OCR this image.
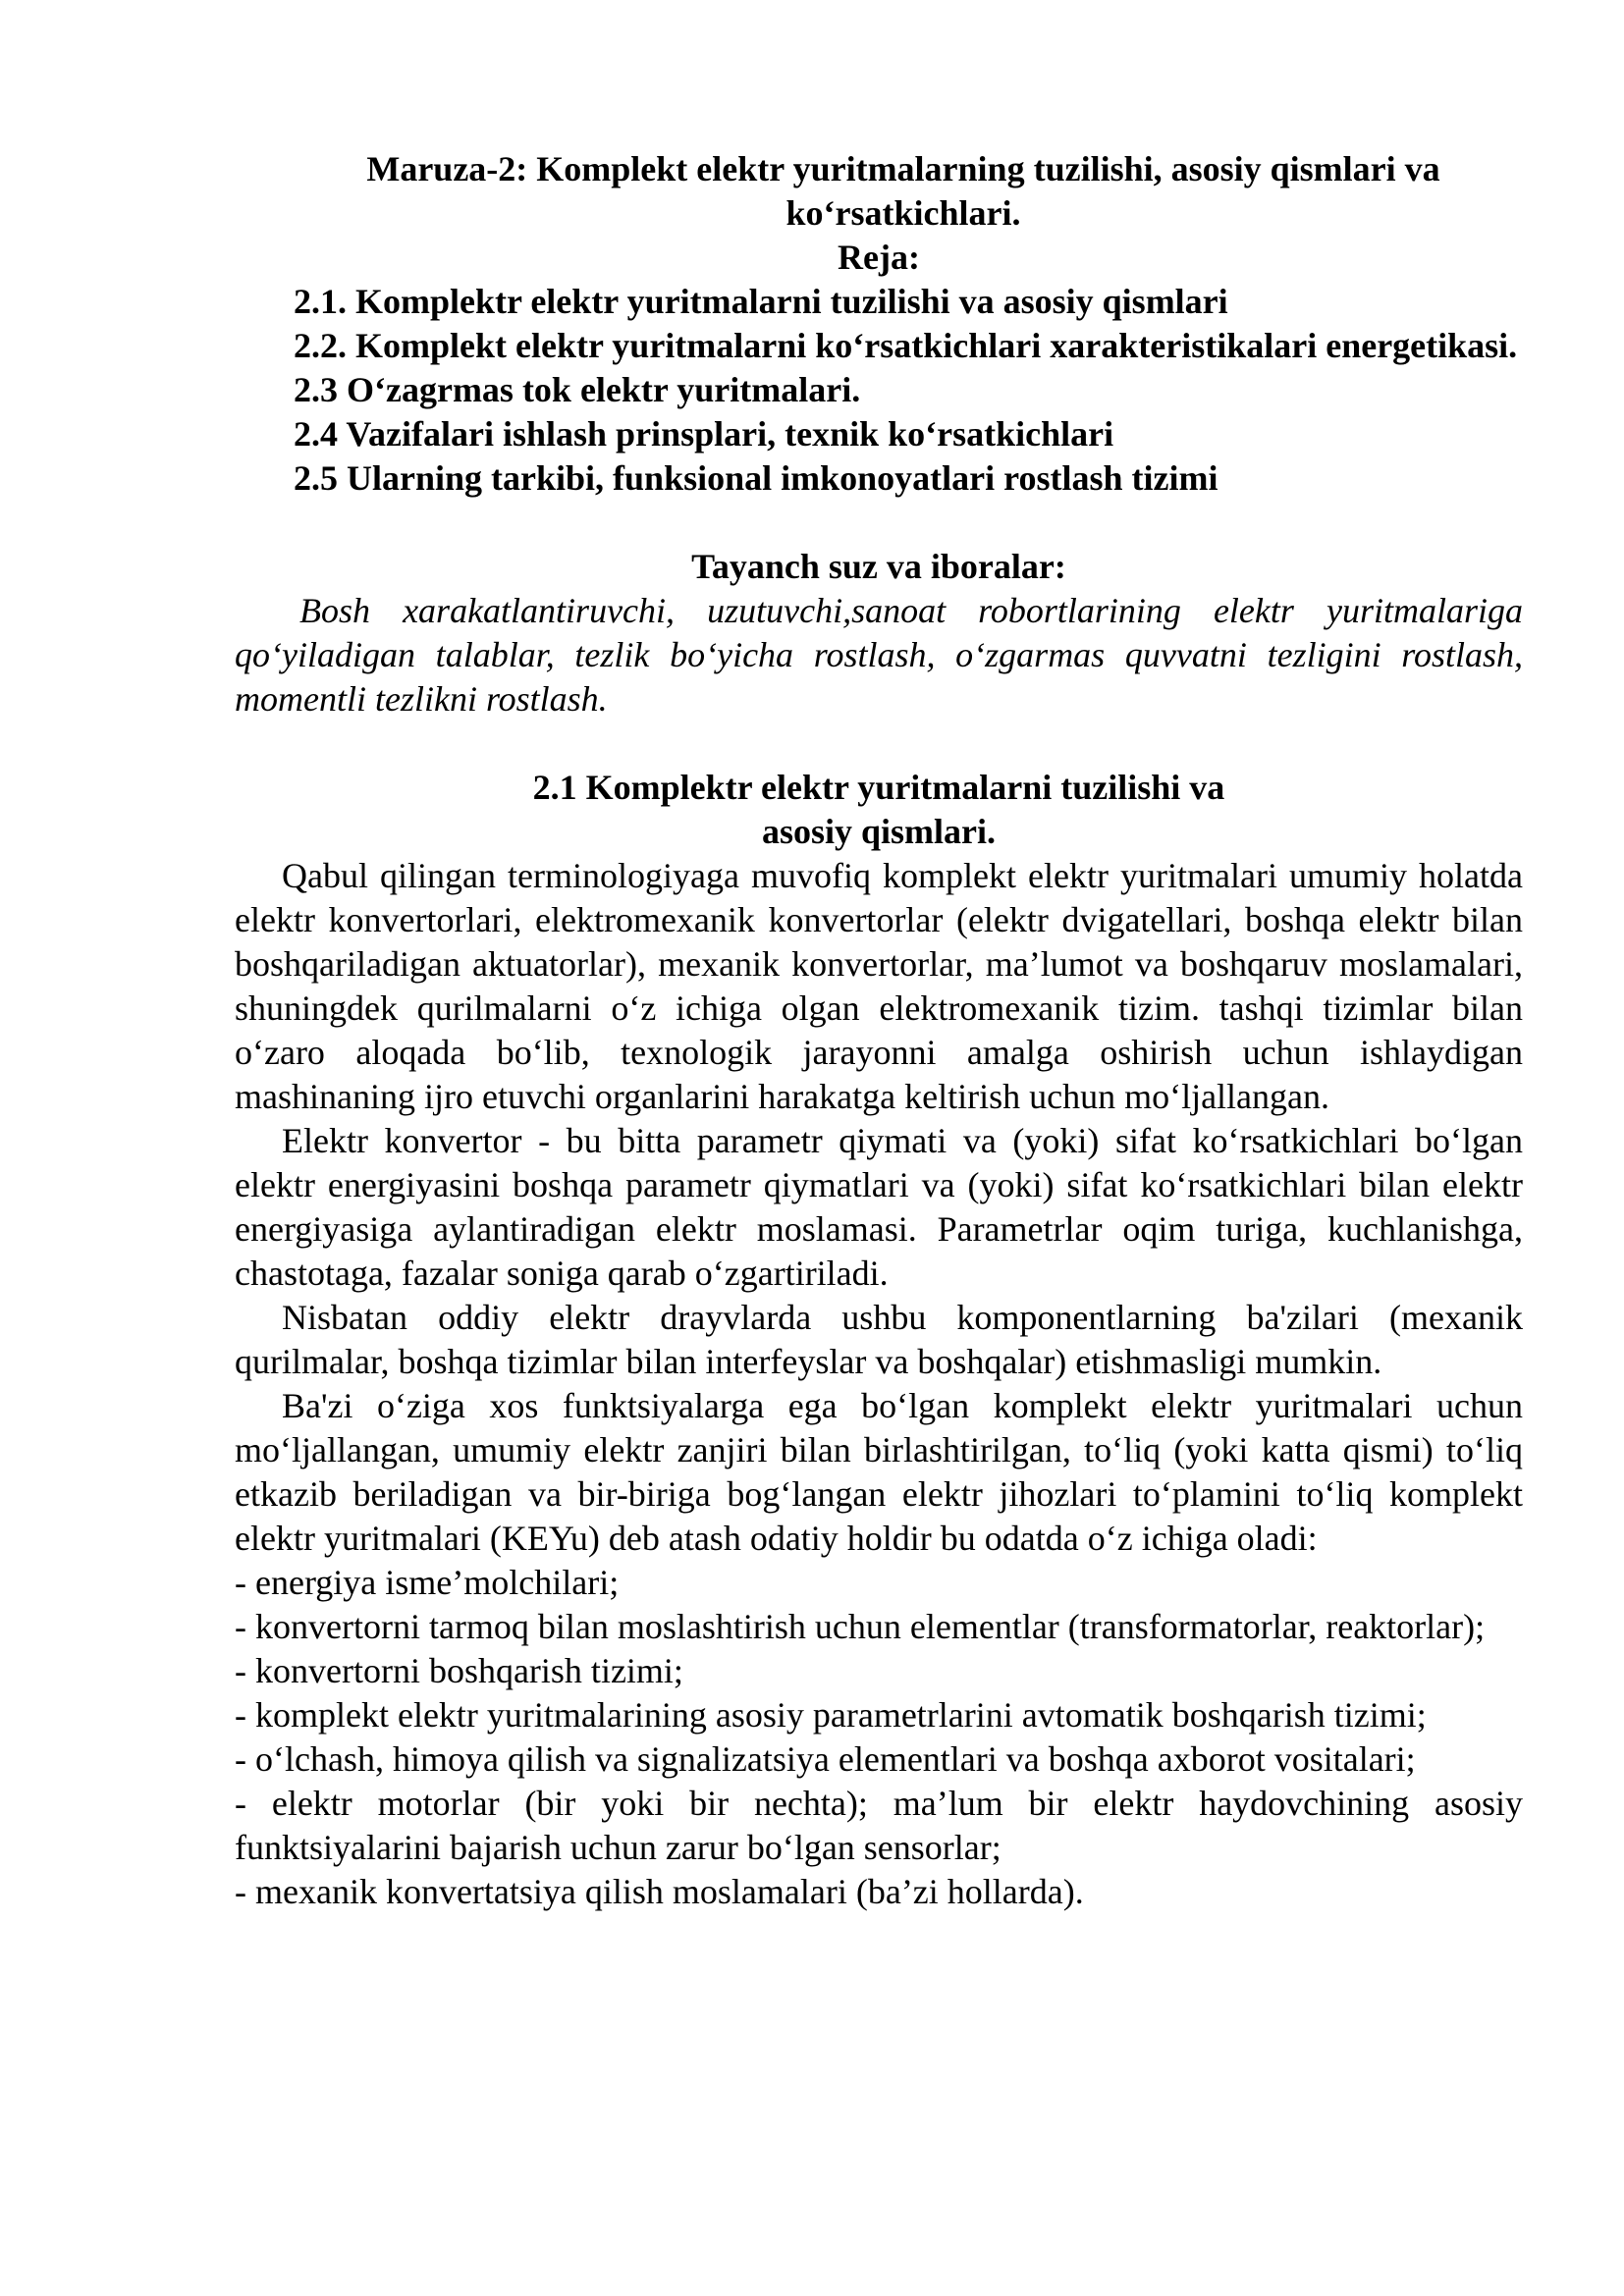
Maruza-2: Komplekt elektr yuritmalarning tuzilishi, asosiy qismlari va ko‘rsatkichlari.

Reja:

2.1. Komplektr elektr yuritmalarni tuzilishi va asosiy qismlari

2.2. Komplekt elektr yuritmalarni ko‘rsatkichlari xarakteristikalari energetikasi.

2.3 O‘zagrmas tok elektr yuritmalari.

2.4 Vazifalari ishlash prinsplari, texnik ko‘rsatkichlari

2.5 Ularning tarkibi, funksional imkonoyatlari rostlash tizimi

Tayanch suz va iboralar:

Bosh xarakatlantiruvchi, uzutuvchi,sanoat robortlarining elektr yuritmalariga qo‘yiladigan talablar, tezlik bo‘yicha rostlash, o‘zgarmas quvvatni tezligini rostlash, momentli tezlikni rostlash.

2.1 Komplektr elektr yuritmalarni tuzilishi va
asosiy qismlari.

Qabul qilingan terminologiyaga muvofiq komplekt elektr yuritmalari umumiy holatda elektr konvertorlari, elektromexanik konvertorlar (elektr dvigatellari, boshqa elektr bilan boshqariladigan aktuatorlar), mexanik konvertorlar, ma’lumot va boshqaruv moslamalari, shuningdek qurilmalarni o‘z ichiga olgan elektromexanik tizim. tashqi tizimlar bilan o‘zaro aloqada bo‘lib, texnologik jarayonni amalga oshirish uchun ishlaydigan mashinaning ijro etuvchi organlarini harakatga keltirish uchun mo‘ljallangan.

Elektr konvertor - bu bitta parametr qiymati va (yoki) sifat ko‘rsatkichlari bo‘lgan elektr energiyasini boshqa parametr qiymatlari va (yoki) sifat ko‘rsatkichlari bilan elektr energiyasiga aylantiradigan elektr moslamasi. Parametrlar oqim turiga, kuchlanishga, chastotaga, fazalar soniga qarab o‘zgartiriladi.

Nisbatan oddiy elektr drayvlarda ushbu komponentlarning ba'zilari (mexanik qurilmalar, boshqa tizimlar bilan interfeyslar va boshqalar) etishmasligi mumkin.

Ba'zi o‘ziga xos funktsiyalarga ega bo‘lgan komplekt elektr yuritmalari uchun mo‘ljallangan, umumiy elektr zanjiri bilan birlashtirilgan, to‘liq (yoki katta qismi) to‘liq etkazib beriladigan va bir-biriga bog‘langan elektr jihozlari to‘plamini to‘liq komplekt elektr yuritmalari (KEYu) deb atash odatiy holdir bu odatda o‘z ichiga oladi:

- energiya isme’molchilari;

- konvertorni tarmoq bilan moslashtirish uchun elementlar (transformatorlar, reaktorlar);

- konvertorni boshqarish tizimi;

- komplekt elektr yuritmalarining asosiy parametrlarini avtomatik boshqarish tizimi;

- o‘lchash, himoya qilish va signalizatsiya elementlari va boshqa axborot vositalari;

- elektr motorlar (bir yoki bir nechta); ma’lum bir elektr haydovchining asosiy funktsiyalarini bajarish uchun zarur bo‘lgan sensorlar;

- mexanik konvertatsiya qilish moslamalari (ba’zi hollarda).
